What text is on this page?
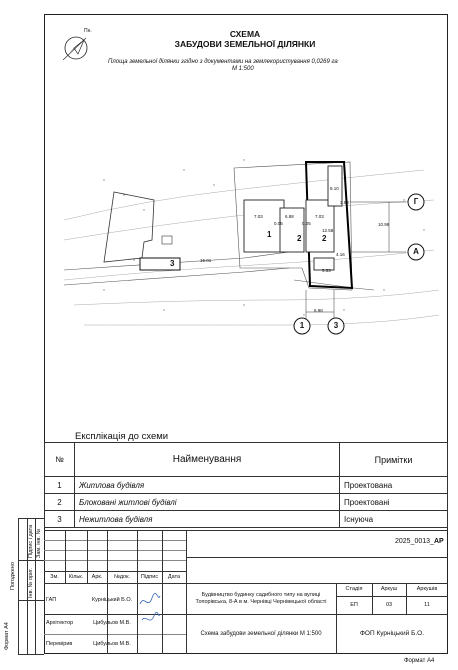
Інв. № ориг.
Підпис і дата Зам. інв. №
Погоджено
Формат А4
Пн.	СХЕМА
ЗАБУДОВИ ЗЕМЕЛЬНОЇ ДІЛЯНКИ
Площа земельної ділянки згідно з документами на землекористування 0,0269 га
М 1:500
Г
А
1	3
1	2	2
3
7.03	6.88	7.03
8.10
3.63
10.98
0.05	0.05
12.58
4.16
5.53
6.98
15.01
Експлікація до схеми
№	Найменування	Примітки
1	Житлова будівля	Проектована
2	Блоковані житлові будівлі	Проектовані
3	Нежитлова будівля	Існуюча
Зм.	Кільк.	Арк.	№док.	Підпис	Дата
ГАП	Курніцький Б.О.
Архітектор	Цибульов М.В.
Перевірив	Цибульов М.В.
2025_0013_АР
Будівництво будинку садибного типу на вулиці Топорівська, 8-А в м. Чернівці Чернівецької області
Стадія	Аркуш	Аркушів
ЕП	03	11
Схема забудови земельної ділянки М 1:500	ФОП Курніцький Б.О.
Формат А4
